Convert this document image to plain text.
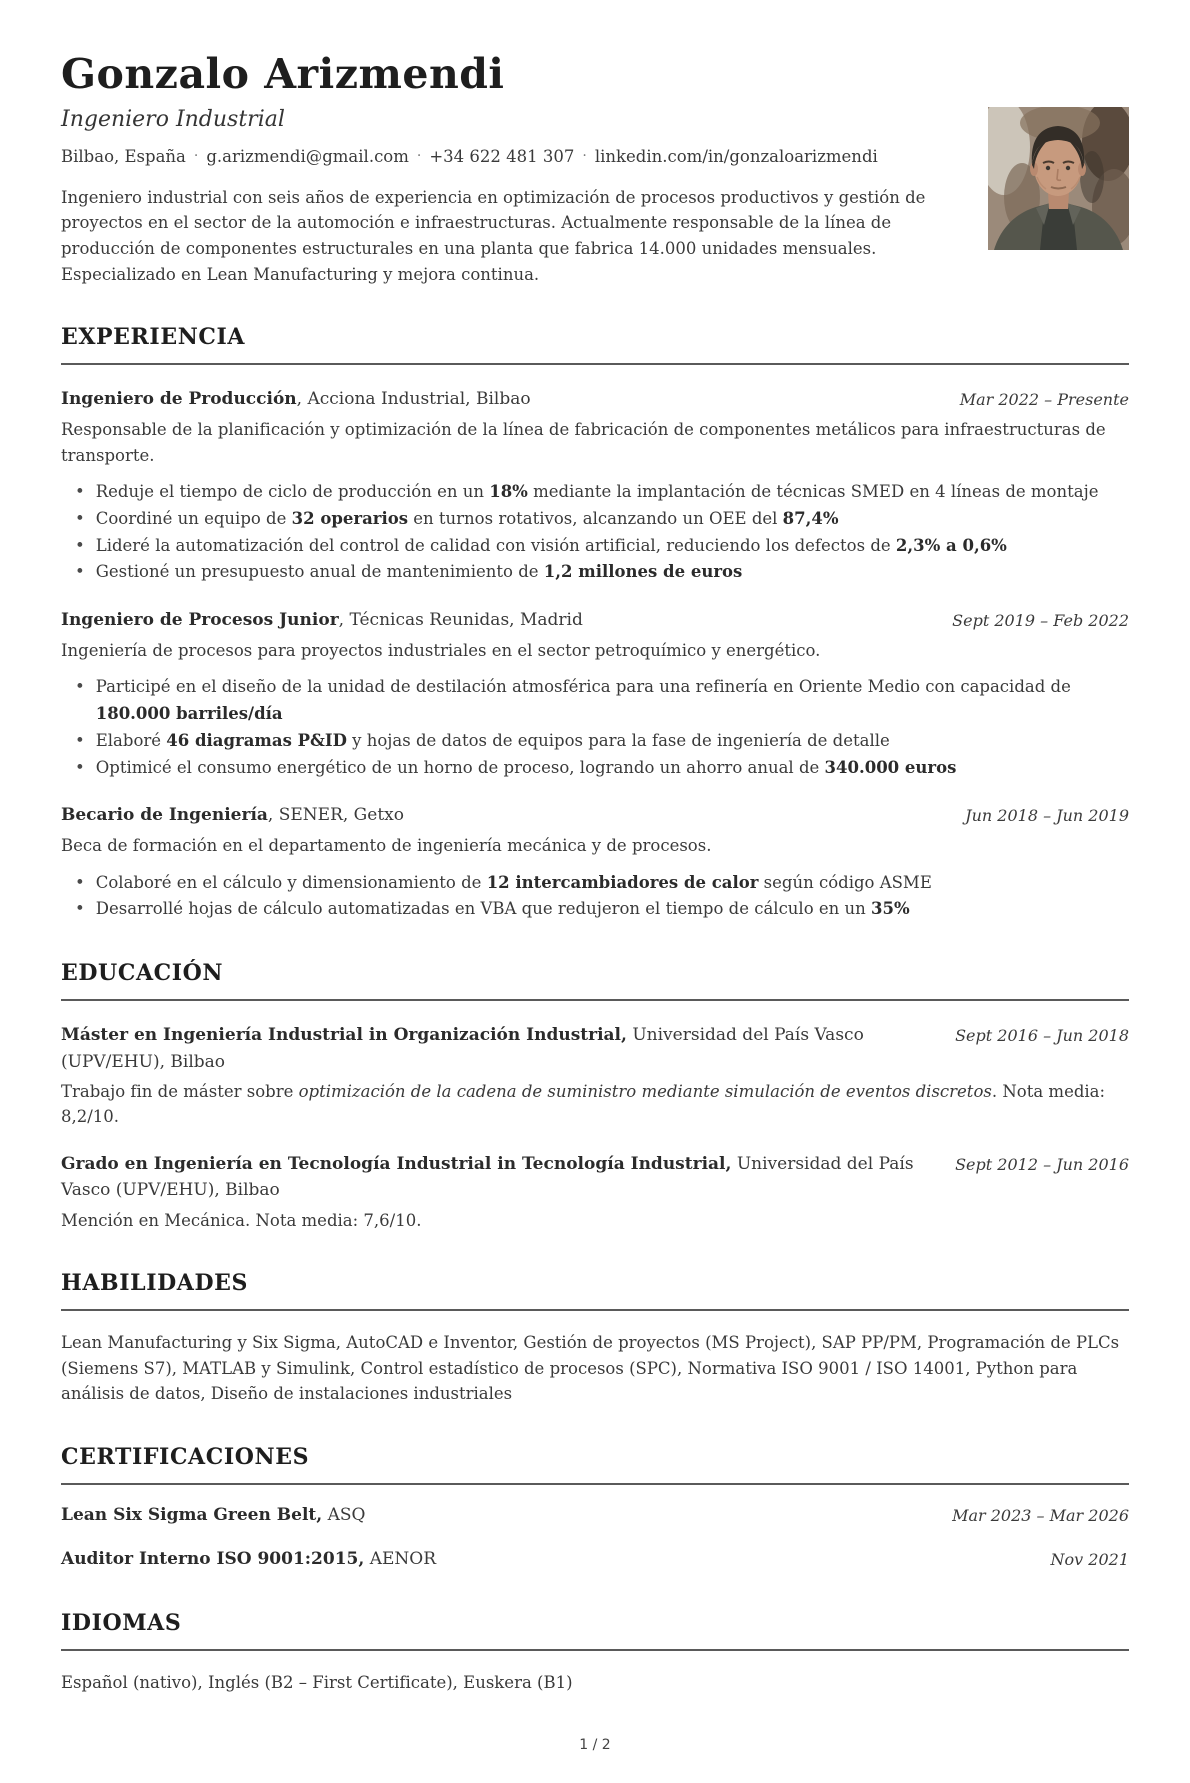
Gonzalo Arizmendi
Ingeniero Industrial
Bilbao, España · g.arizmendi@gmail.com · +34 622 481 307 · linkedin.com/in/gonzaloarizmendi

Ingeniero industrial con seis años de experiencia en optimización de procesos productivos y gestión de proyectos en el sector de la automoción e infraestructuras. Actualmente responsable de la línea de producción de componentes estructurales en una planta que fabrica 14.000 unidades mensuales. Especializado en Lean Manufacturing y mejora continua.

EXPERIENCIA
Ingeniero de Producción, Acciona Industrial, Bilbao	Mar 2022 – Presente

Responsable de la planificación y optimización de la línea de fabricación de componentes metálicos para infraestructuras de transporte.

• Reduje el tiempo de ciclo de producción en un 18% mediante la implantación de técnicas SMED en 4 líneas de montaje
• Coordiné un equipo de 32 operarios en turnos rotativos, alcanzando un OEE del 87,4%
• Lideré la automatización del control de calidad con visión artificial, reduciendo los defectos de 2,3% a 0,6%
• Gestioné un presupuesto anual de mantenimiento de 1,2 millones de euros
Ingeniero de Procesos Junior, Técnicas Reunidas, Madrid	Sept 2019 – Feb 2022

Ingeniería de procesos para proyectos industriales en el sector petroquímico y energético.

• Participé en el diseño de la unidad de destilación atmosférica para una refinería en Oriente Medio con capacidad de 180.000 barriles/día
• Elaboré 46 diagramas P&ID y hojas de datos de equipos para la fase de ingeniería de detalle
• Optimicé el consumo energético de un horno de proceso, logrando un ahorro anual de 340.000 euros
Becario de Ingeniería, SENER, Getxo	Jun 2018 – Jun 2019

Beca de formación en el departamento de ingeniería mecánica y de procesos.

• Colaboré en el cálculo y dimensionamiento de 12 intercambiadores de calor según código ASME
• Desarrollé hojas de cálculo automatizadas en VBA que redujeron el tiempo de cálculo en un 35%
EDUCACIÓN
Máster en Ingeniería Industrial in Organización Industrial, Universidad del País Vasco (UPV/EHU), Bilbao
Sept 2016 – Jun 2018

Trabajo fin de máster sobre optimización de la cadena de suministro mediante simulación de eventos discretos. Nota media: 8,2/10.

Grado en Ingeniería en Tecnología Industrial in Tecnología Industrial, Universidad del País Vasco (UPV/EHU), Bilbao
Sept 2012 – Jun 2016

Mención en Mecánica. Nota media: 7,6/10.

HABILIDADES

Lean Manufacturing y Six Sigma, AutoCAD e Inventor, Gestión de proyectos (MS Project), SAP PP/PM, Programación de PLCs (Siemens S7), MATLAB y Simulink, Control estadístico de procesos (SPC), Normativa ISO 9001 / ISO 14001, Python para análisis de datos, Diseño de instalaciones industriales

CERTIFICACIONES
Lean Six Sigma Green Belt, ASQ	Mar 2023 – Mar 2026
Auditor Interno ISO 9001:2015, AENOR	Nov 2021
IDIOMAS

Español (nativo), Inglés (B2 – First Certificate), Euskera (B1)

1 / 2
